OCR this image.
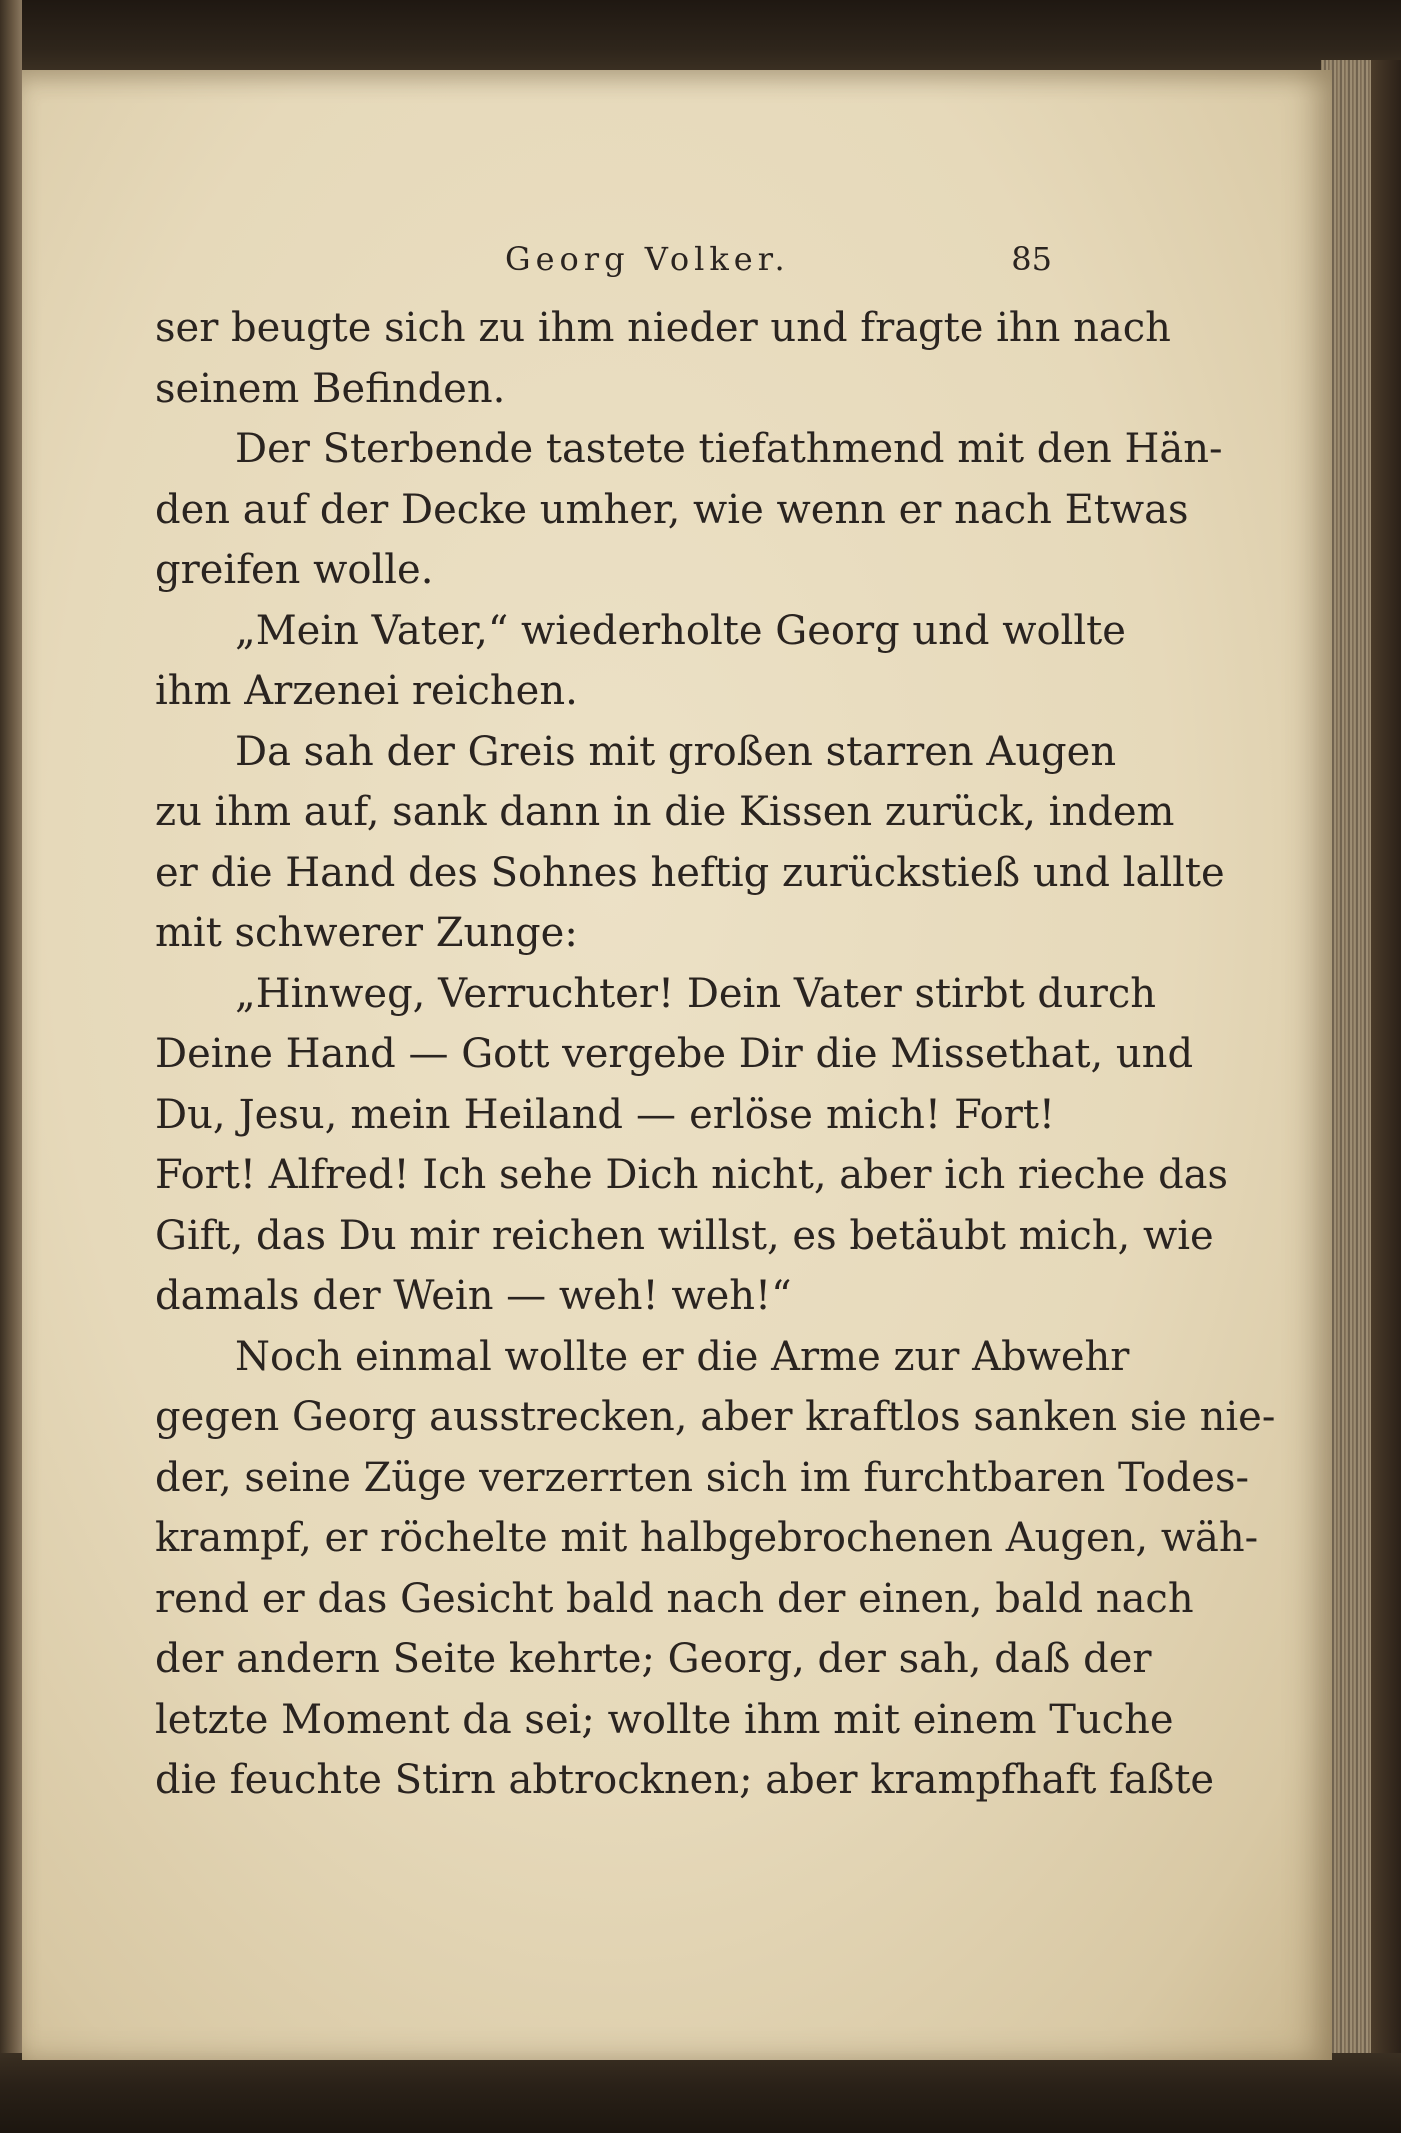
Georg Volker.	85
ser beugte sich zu ihm nieder und fragte ihn nach
seinem Befinden.
Der Sterbende tastete tiefathmend mit den Hän-
den auf der Decke umher, wie wenn er nach Etwas
greifen wolle.
„Mein Vater,“ wiederholte Georg und wollte
ihm Arzenei reichen.
Da sah der Greis mit großen starren Augen
zu ihm auf, sank dann in die Kissen zurück, indem
er die Hand des Sohnes heftig zurückstieß und lallte
mit schwerer Zunge:
„Hinweg, Verruchter! Dein Vater stirbt durch
Deine Hand — Gott vergebe Dir die Missethat, und
Du, Jesu, mein Heiland — erlöse mich! Fort!
Fort! Alfred! Ich sehe Dich nicht, aber ich rieche das
Gift, das Du mir reichen willst, es betäubt mich, wie
damals der Wein — weh! weh!“
Noch einmal wollte er die Arme zur Abwehr
gegen Georg ausstrecken, aber kraftlos sanken sie nie-
der, seine Züge verzerrten sich im furchtbaren Todes-
krampf, er röchelte mit halbgebrochenen Augen, wäh-
rend er das Gesicht bald nach der einen, bald nach
der andern Seite kehrte; Georg, der sah, daß der
letzte Moment da sei; wollte ihm mit einem Tuche
die feuchte Stirn abtrocknen; aber krampfhaft faßte
